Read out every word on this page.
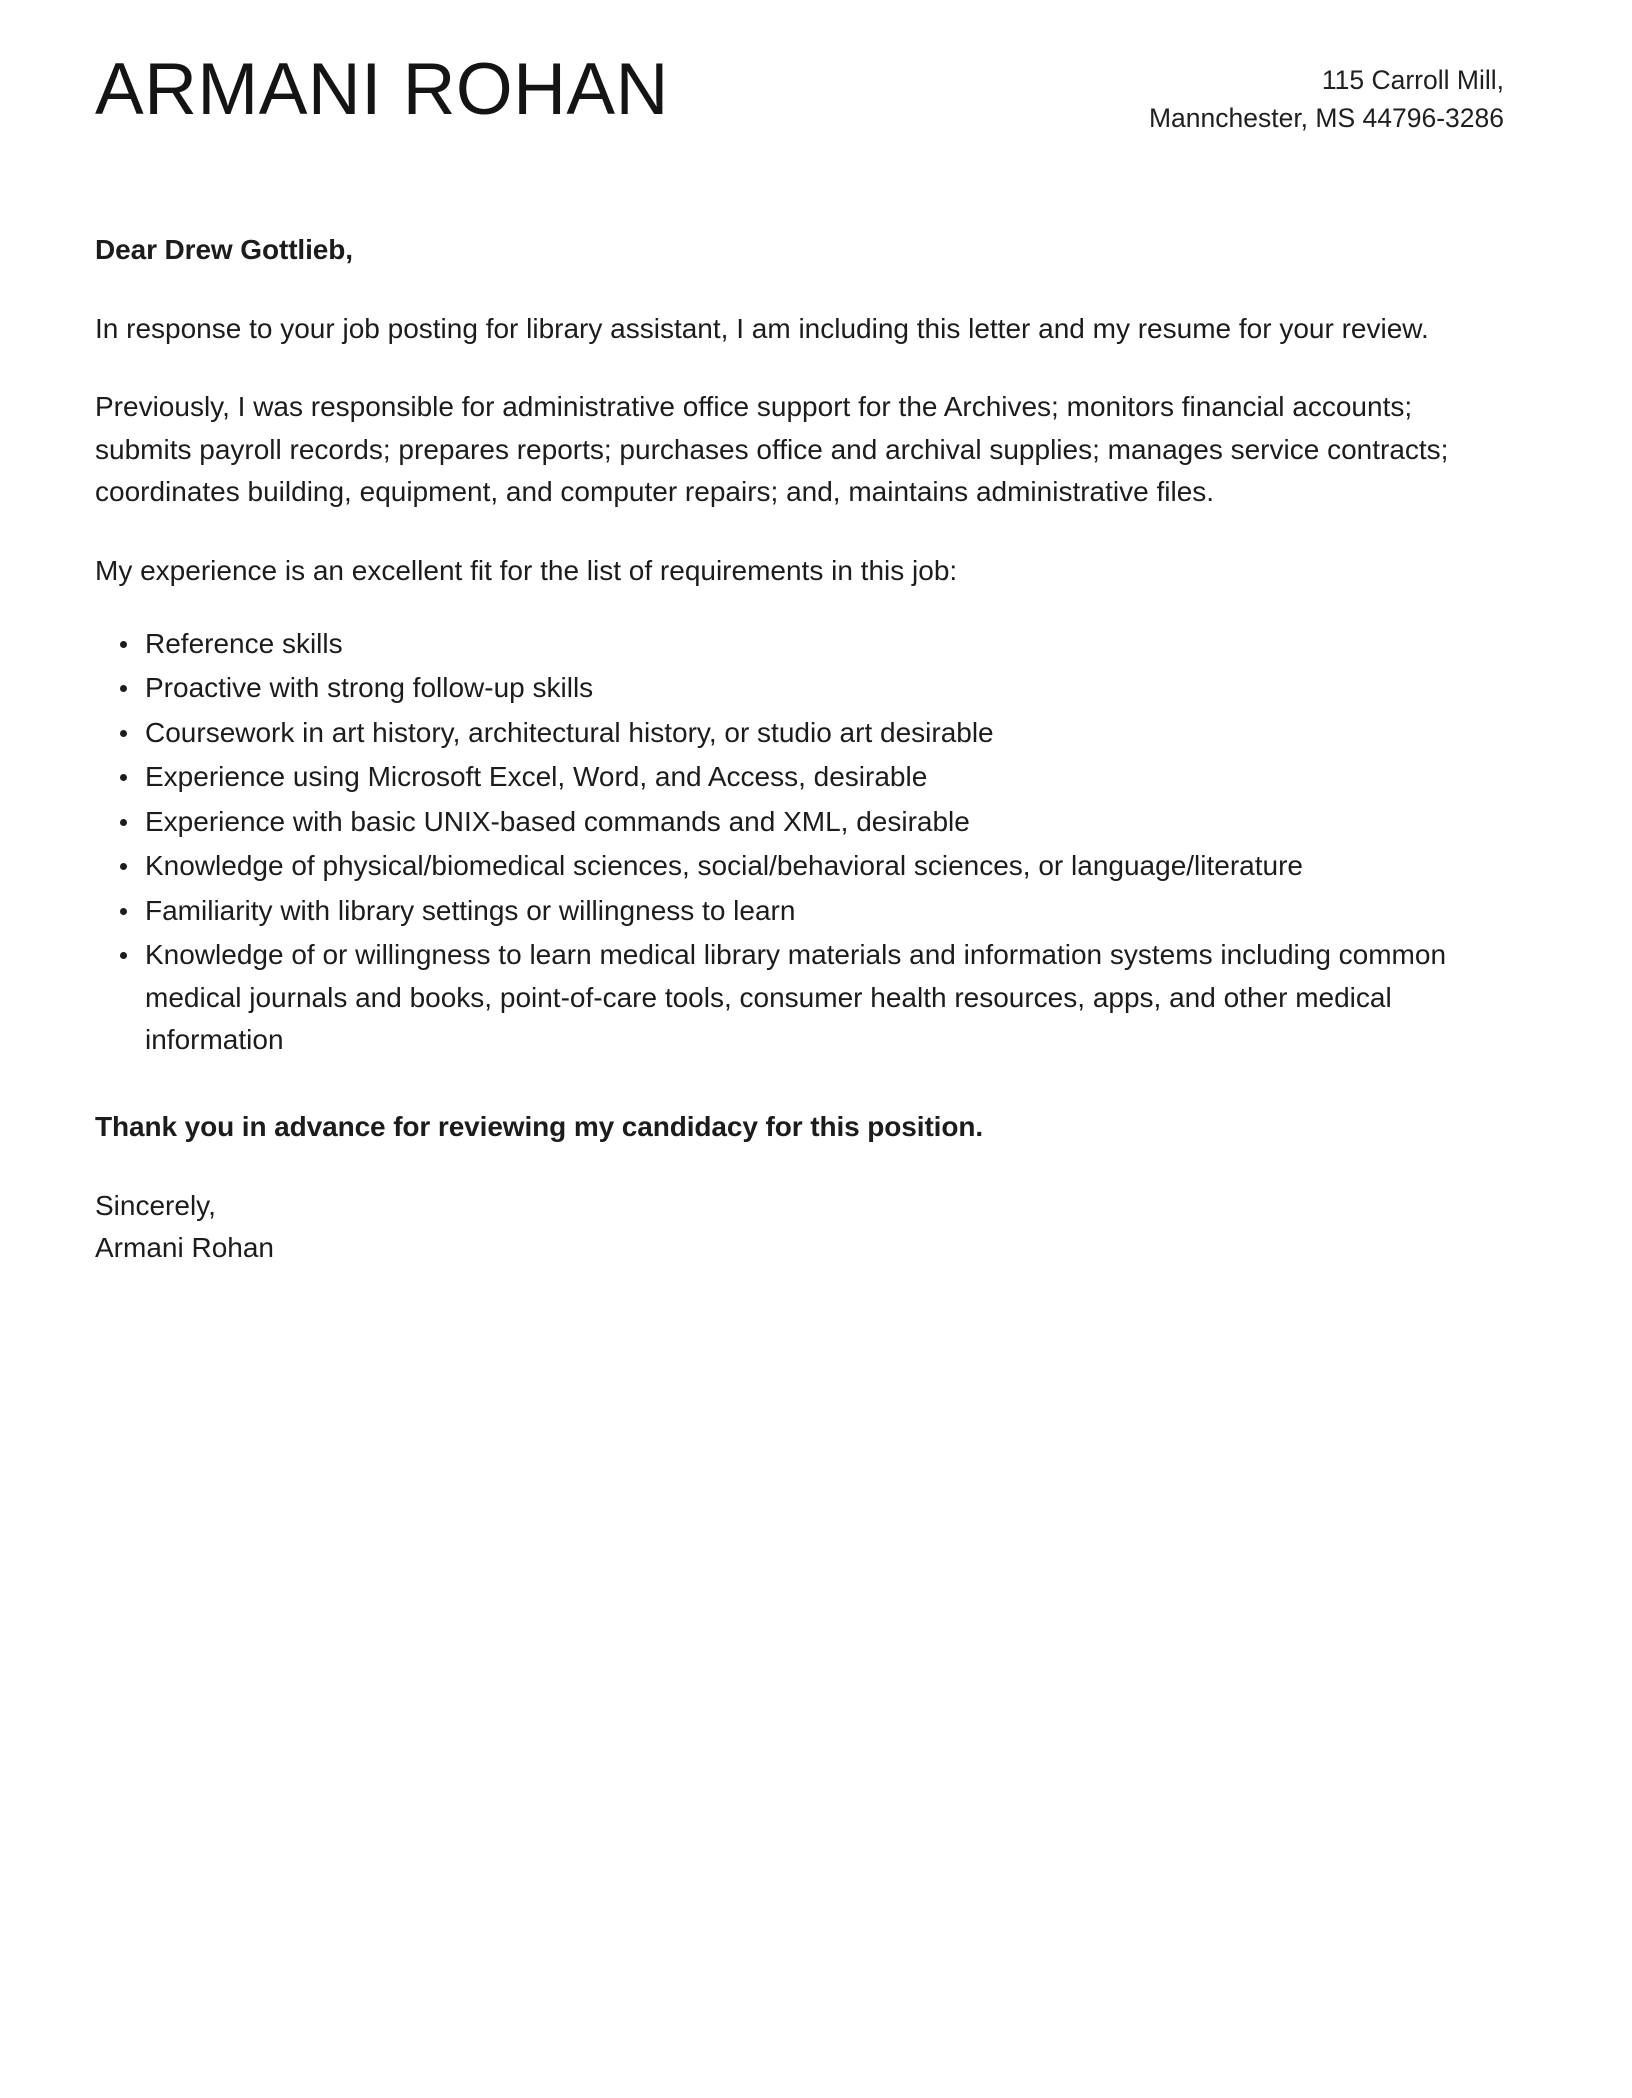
ARMANI ROHAN	115 Carroll Mill,
Mannchester, MS 44796-3286

Dear Drew Gottlieb,

In response to your job posting for library assistant, I am including this letter and my resume for your review.

Previously, I was responsible for administrative office support for the Archives; monitors financial accounts; submits payroll records; prepares reports; purchases office and archival supplies; manages service contracts; coordinates building, equipment, and computer repairs; and, maintains administrative files.

My experience is an excellent fit for the list of requirements in this job:

Reference skills
Proactive with strong follow-up skills
Coursework in art history, architectural history, or studio art desirable
Experience using Microsoft Excel, Word, and Access, desirable
Experience with basic UNIX-based commands and XML, desirable
Knowledge of physical/biomedical sciences, social/behavioral sciences, or language/literature
Familiarity with library settings or willingness to learn
Knowledge of or willingness to learn medical library materials and information systems including common medical journals and books, point-of-care tools, consumer health resources, apps, and other medical information

Thank you in advance for reviewing my candidacy for this position.

Sincerely,
Armani Rohan
